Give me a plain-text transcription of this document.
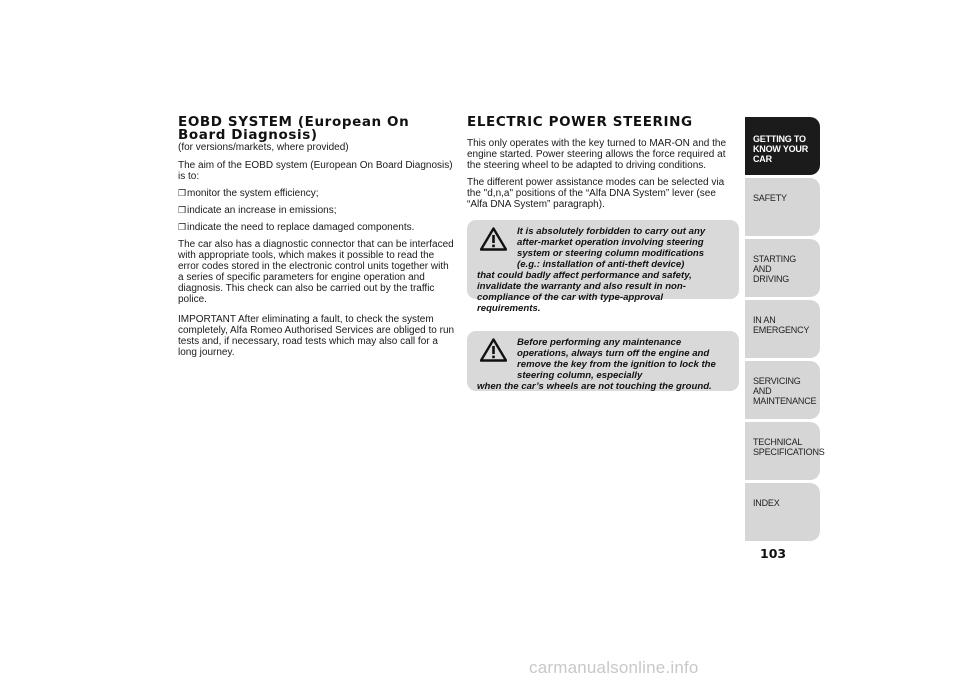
EOBD SYSTEM (European On
Board Diagnosis)

(for versions/markets, where provided)

The aim of the EOBD system (European On Board Diagnosis) is to:

❒ monitor the system efficiency;
❒ indicate an increase in emissions;
❒ indicate the need to replace damaged components.

The car also has a diagnostic connector that can be interfaced with appropriate tools, which makes it possible to read the error codes stored in the electronic control units together with a series of specific parameters for engine operation and diagnosis. This check can also be carried out by the traffic police.

IMPORTANT After eliminating a fault, to check the system completely, Alfa Romeo Authorised Services are obliged to run tests and, if necessary, road tests which may also call for a long journey.

ELECTRIC POWER STEERING

This only operates with the key turned to MAR-ON and the engine started. Power steering allows the force required at the steering wheel to be adapted to driving conditions.

The different power assistance modes can be selected via the "d,n,a" positions of the “Alfa DNA System” lever (see “Alfa DNA System” paragraph).

It is absolutely forbidden to carry out any after-market operation involving steering system or steering column modifications (e.g.: installation of anti-theft device)
that could badly affect performance and safety, invalidate the warranty and also result in non-compliance of the car with type-approval requirements.

Before performing any maintenance operations, always turn off the engine and remove the key from the ignition to lock the steering column, especially
when the car’s wheels are not touching the ground.

GETTING TO
KNOW YOUR CAR
SAFETY
STARTING AND
DRIVING
IN AN EMERGENCY
SERVICING AND
MAINTENANCE
TECHNICAL
SPECIFICATIONS
INDEX
103
carmanualsonline.info
